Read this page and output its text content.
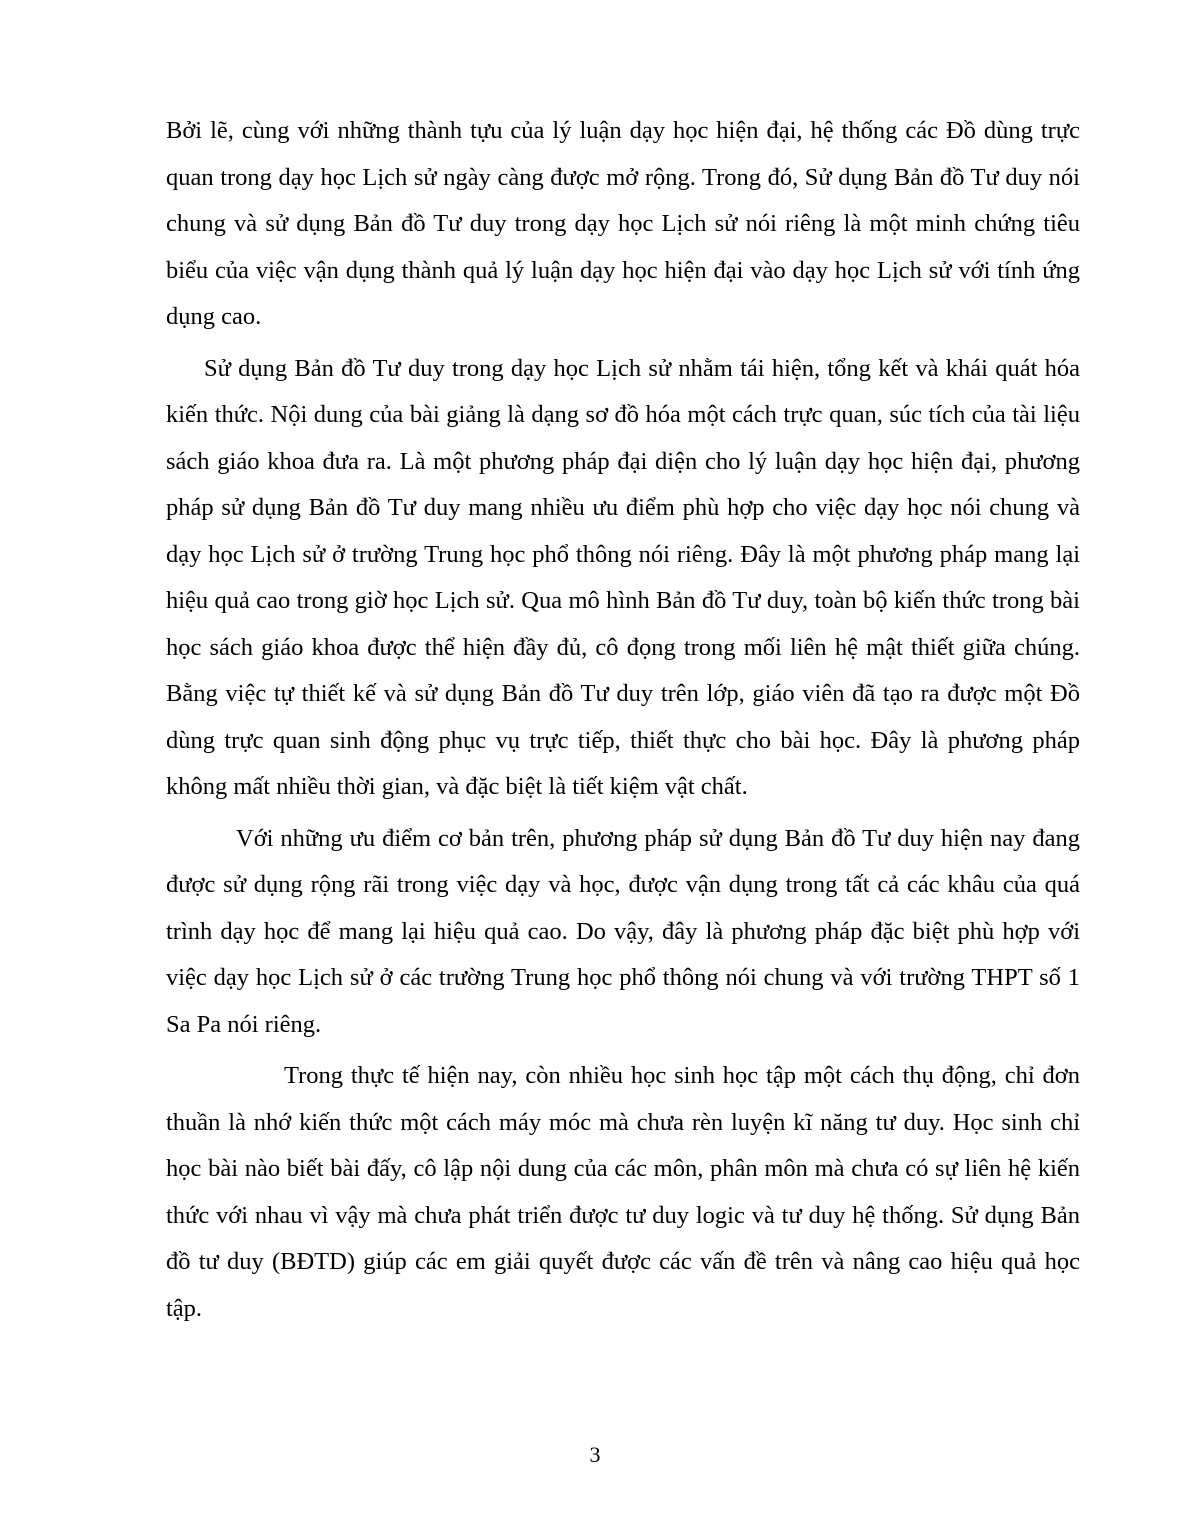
Bởi lẽ, cùng với những thành tựu của lý luận dạy học hiện đại, hệ thống các Đồ dùng trực quan trong dạy học Lịch sử ngày càng được mở rộng. Trong đó, Sử dụng Bản đồ Tư duy nói chung và sử dụng Bản đồ Tư duy trong dạy học Lịch sử nói riêng là một minh chứng tiêu biểu của việc vận dụng thành quả lý luận dạy học hiện đại vào dạy học Lịch sử với tính ứng dụng cao.

Sử dụng Bản đồ Tư duy trong dạy học Lịch sử nhằm tái hiện, tổng kết và khái quát hóa kiến thức. Nội dung của bài giảng là dạng sơ đồ hóa một cách trực quan, súc tích của tài liệu sách giáo khoa đưa ra. Là một phương pháp đại diện cho lý luận dạy học hiện đại, phương pháp sử dụng Bản đồ Tư duy mang nhiều ưu điểm phù hợp cho việc dạy học nói chung và dạy học Lịch sử ở trường Trung học phổ thông nói riêng. Đây là một phương pháp mang lại hiệu quả cao trong giờ học Lịch sử. Qua mô hình Bản đồ Tư duy, toàn bộ kiến thức trong bài học sách giáo khoa được thể hiện đầy đủ, cô đọng trong mối liên hệ mật thiết giữa chúng. Bằng việc tự thiết kế và sử dụng Bản đồ Tư duy trên lớp, giáo viên đã tạo ra được một Đồ dùng trực quan sinh động phục vụ trực tiếp, thiết thực cho bài học. Đây là phương pháp không mất nhiều thời gian, và đặc biệt là tiết kiệm vật chất.

Với những ưu điểm cơ bản trên, phương pháp sử dụng Bản đồ Tư duy hiện nay đang được sử dụng rộng rãi trong việc dạy và học, được vận dụng trong tất cả các khâu của quá trình dạy học để mang lại hiệu quả cao. Do vậy, đây là phương pháp đặc biệt phù hợp với việc dạy học Lịch sử ở các trường Trung học phổ thông nói chung và với trường THPT số 1 Sa Pa nói riêng.

Trong thực tế hiện nay, còn nhiều học sinh học tập một cách thụ động, chỉ đơn thuần là nhớ kiến thức một cách máy móc mà chưa rèn luyện kĩ năng tư duy. Học sinh chỉ học bài nào biết bài đấy, cô lập nội dung của các môn, phân môn mà chưa có sự liên hệ kiến thức với nhau vì vậy mà chưa phát triển được tư duy logic và tư duy hệ thống. Sử dụng Bản đồ tư duy (BĐTD) giúp các em giải quyết được các vấn đề trên và nâng cao hiệu quả học tập.

3
